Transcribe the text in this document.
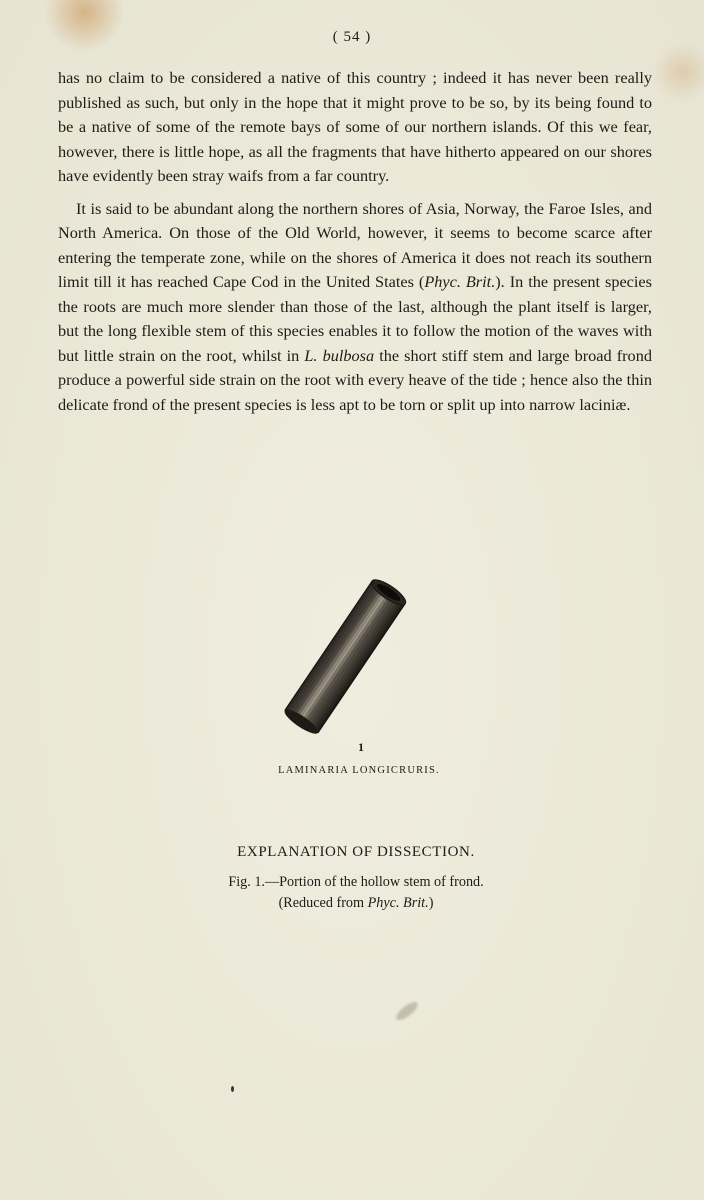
( 54 )

has no claim to be considered a native of this country ; indeed it has never been really published as such, but only in the hope that it might prove to be so, by its being found to be a native of some of the remote bays of some of our northern islands. Of this we fear, however, there is little hope, as all the fragments that have hitherto appeared on our shores have evidently been stray waifs from a far country.

It is said to be abundant along the northern shores of Asia, Norway, the Faroe Isles, and North America. On those of the Old World, however, it seems to become scarce after entering the temperate zone, while on the shores of America it does not reach its southern limit till it has reached Cape Cod in the United States (Phyc. Brit.). In the present species the roots are much more slender than those of the last, although the plant itself is larger, but the long flexible stem of this species enables it to follow the motion of the waves with but little strain on the root, whilst in L. bulbosa the short stiff stem and large broad frond produce a powerful side strain on the root with every heave of the tide ; hence also the thin delicate frond of the present species is less apt to be torn or split up into narrow laciniæ.

1
LAMINARIA LONGICRURIS.
EXPLANATION OF DISSECTION.
Fig. 1.—Portion of the hollow stem of frond.
(Reduced from Phyc. Brit.)
